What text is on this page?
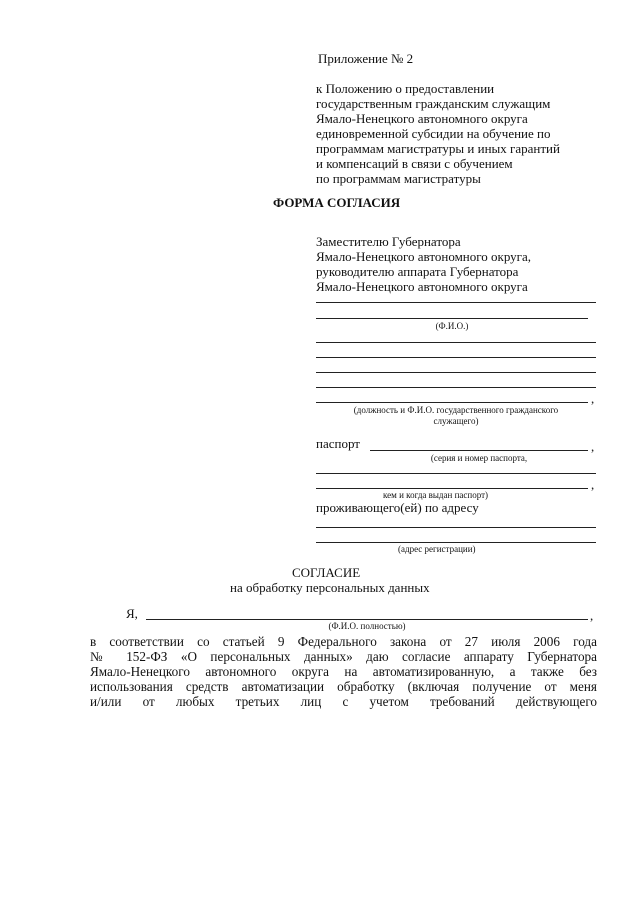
Приложение № 2
к Положению о предоставлении
государственным гражданским служащим
Ямало-Ненецкого автономного округа
единовременной субсидии на обучение по
программам магистратуры и иных гарантий
и компенсаций в связи с обучением
по программам магистратуры
ФОРМА СОГЛАСИЯ
Заместителю Губернатора
Ямало-Ненецкого автономного округа,
руководителю аппарата Губернатора
Ямало-Ненецкого автономного округа
(Ф.И.О.)
,
(должность и Ф.И.О. государственного гражданского
служащего)
паспорт	,
(серия и номер паспорта,
,
кем и когда выдан паспорт)
проживающего(ей) по адресу
(адрес регистрации)
СОГЛАСИЕ
на обработку персональных данных
Я,	,
(Ф.И.О. полностью)
в соответствии со статьей 9 Федерального закона от 27 июля 2006 года
№ 152-ФЗ «О персональных данных» даю согласие аппарату Губернатора
Ямало-Ненецкого автономного округа на автоматизированную, а также без
использования средств автоматизации обработку (включая получение от меня
и/или от любых третьих лиц с учетом требований действующего
